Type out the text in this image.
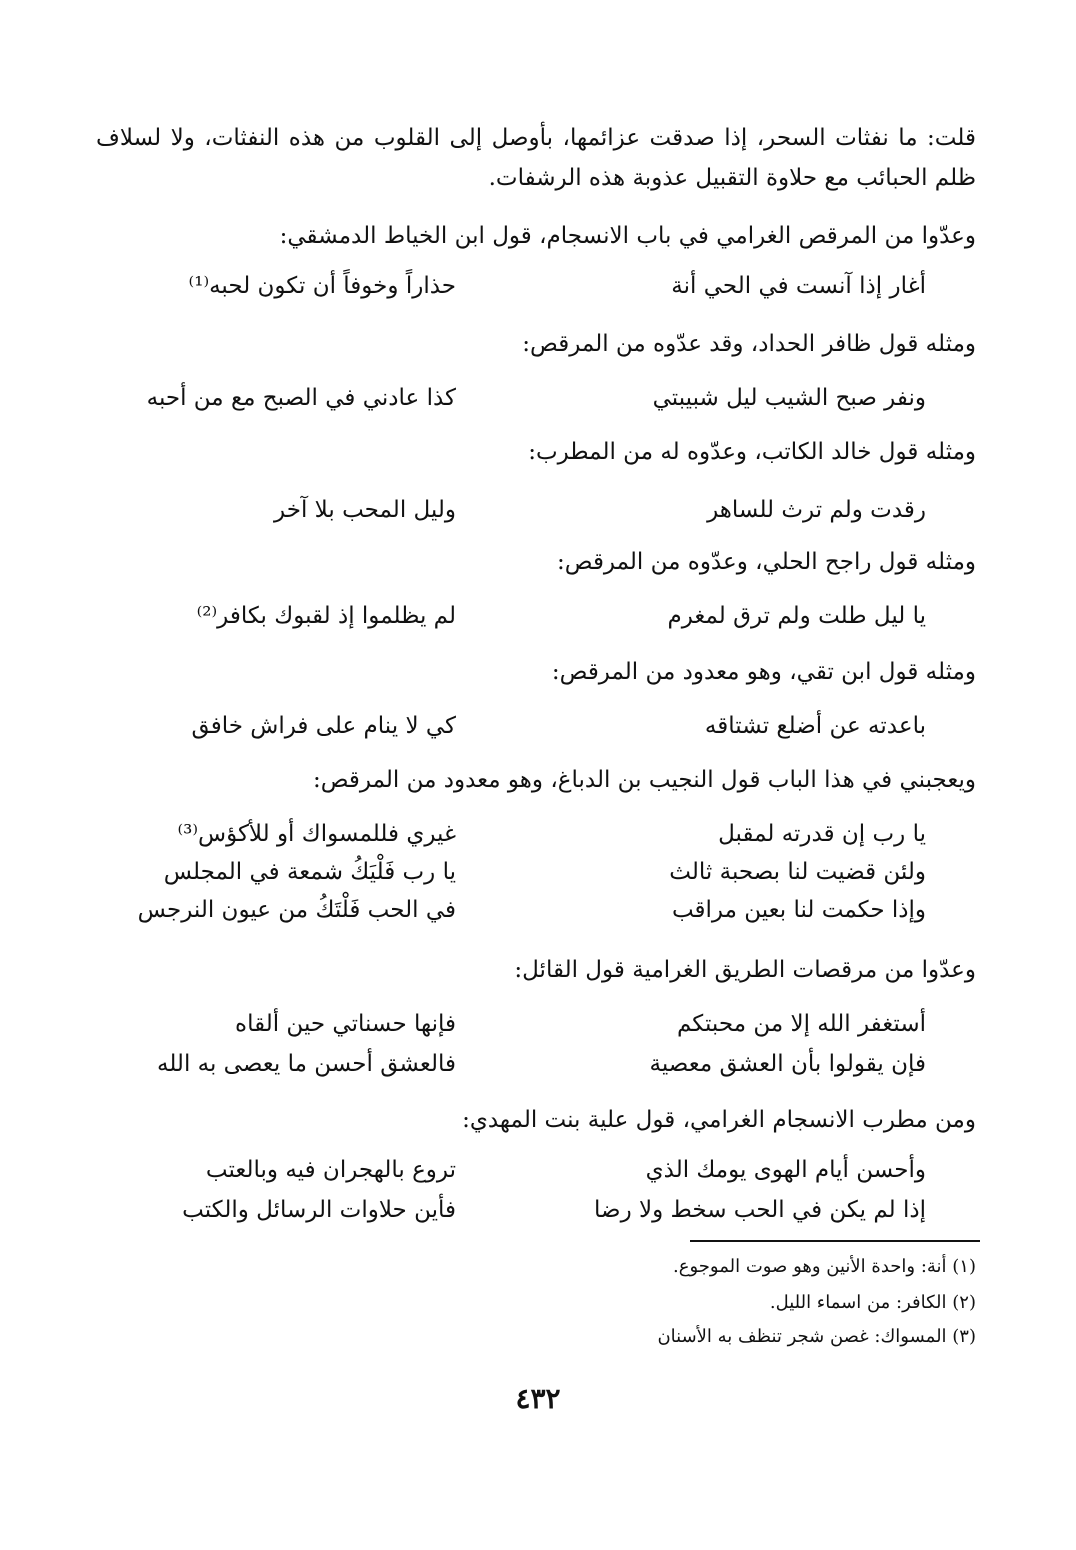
قلت: ما نفثات السحر، إذا صدقت عزائمها، بأوصل إلى القلوب من هذه النفثات، ولا لسلاف ظلم الحبائب مع حلاوة التقبيل عذوبة هذه الرشفات.

وعدّوا من المرقص الغرامي في باب الانسجام، قول ابن الخياط الدمشقي:

أغار إذا آنست في الحي أنة
حذاراً وخوفاً أن تكون لحبه⁽¹⁾

ومثله قول ظافر الحداد، وقد عدّوه من المرقص:

ونفر صبح الشيب ليل شبيبتي
كذا عادني في الصبح مع من أحبه

ومثله قول خالد الكاتب، وعدّوه له من المطرب:

رقدت ولم ترث للساهر
وليل المحب بلا آخر

ومثله قول راجح الحلي، وعدّوه من المرقص:

يا ليل طلت ولم ترق لمغرم
لم يظلموا إذ لقبوك بكافر⁽²⁾

ومثله قول ابن تقي، وهو معدود من المرقص:

باعدته عن أضلع تشتاقه
كي لا ينام على فراش خافق

ويعجبني في هذا الباب قول النجيب بن الدباغ، وهو معدود من المرقص:

يا رب إن قدرته لمقبل
غيري فللمسواك أو للأكؤس⁽³⁾
ولئن قضيت لنا بصحبة ثالث
يا رب فَلْيَكُ شمعة في المجلس
وإذا حكمت لنا بعين مراقب
في الحب فَلْتَكُ من عيون النرجس

وعدّوا من مرقصات الطريق الغرامية قول القائل:

أستغفر الله إلا من محبتكم
فإنها حسناتي حين ألقاه
فإن يقولوا بأن العشق معصية
فالعشق أحسن ما يعصى به الله

ومن مطرب الانسجام الغرامي، قول علية بنت المهدي:

وأحسن أيام الهوى يومك الذي
تروع بالهجران فيه وبالعتب
إذا لم يكن في الحب سخط ولا رضا
فأين حلاوات الرسائل والكتب
(١) أنة: واحدة الأنين وهو صوت الموجوع.
(٢) الكافر: من اسماء الليل.
(٣) المسواك: غصن شجر تنظف به الأسنان
٤٣٢
